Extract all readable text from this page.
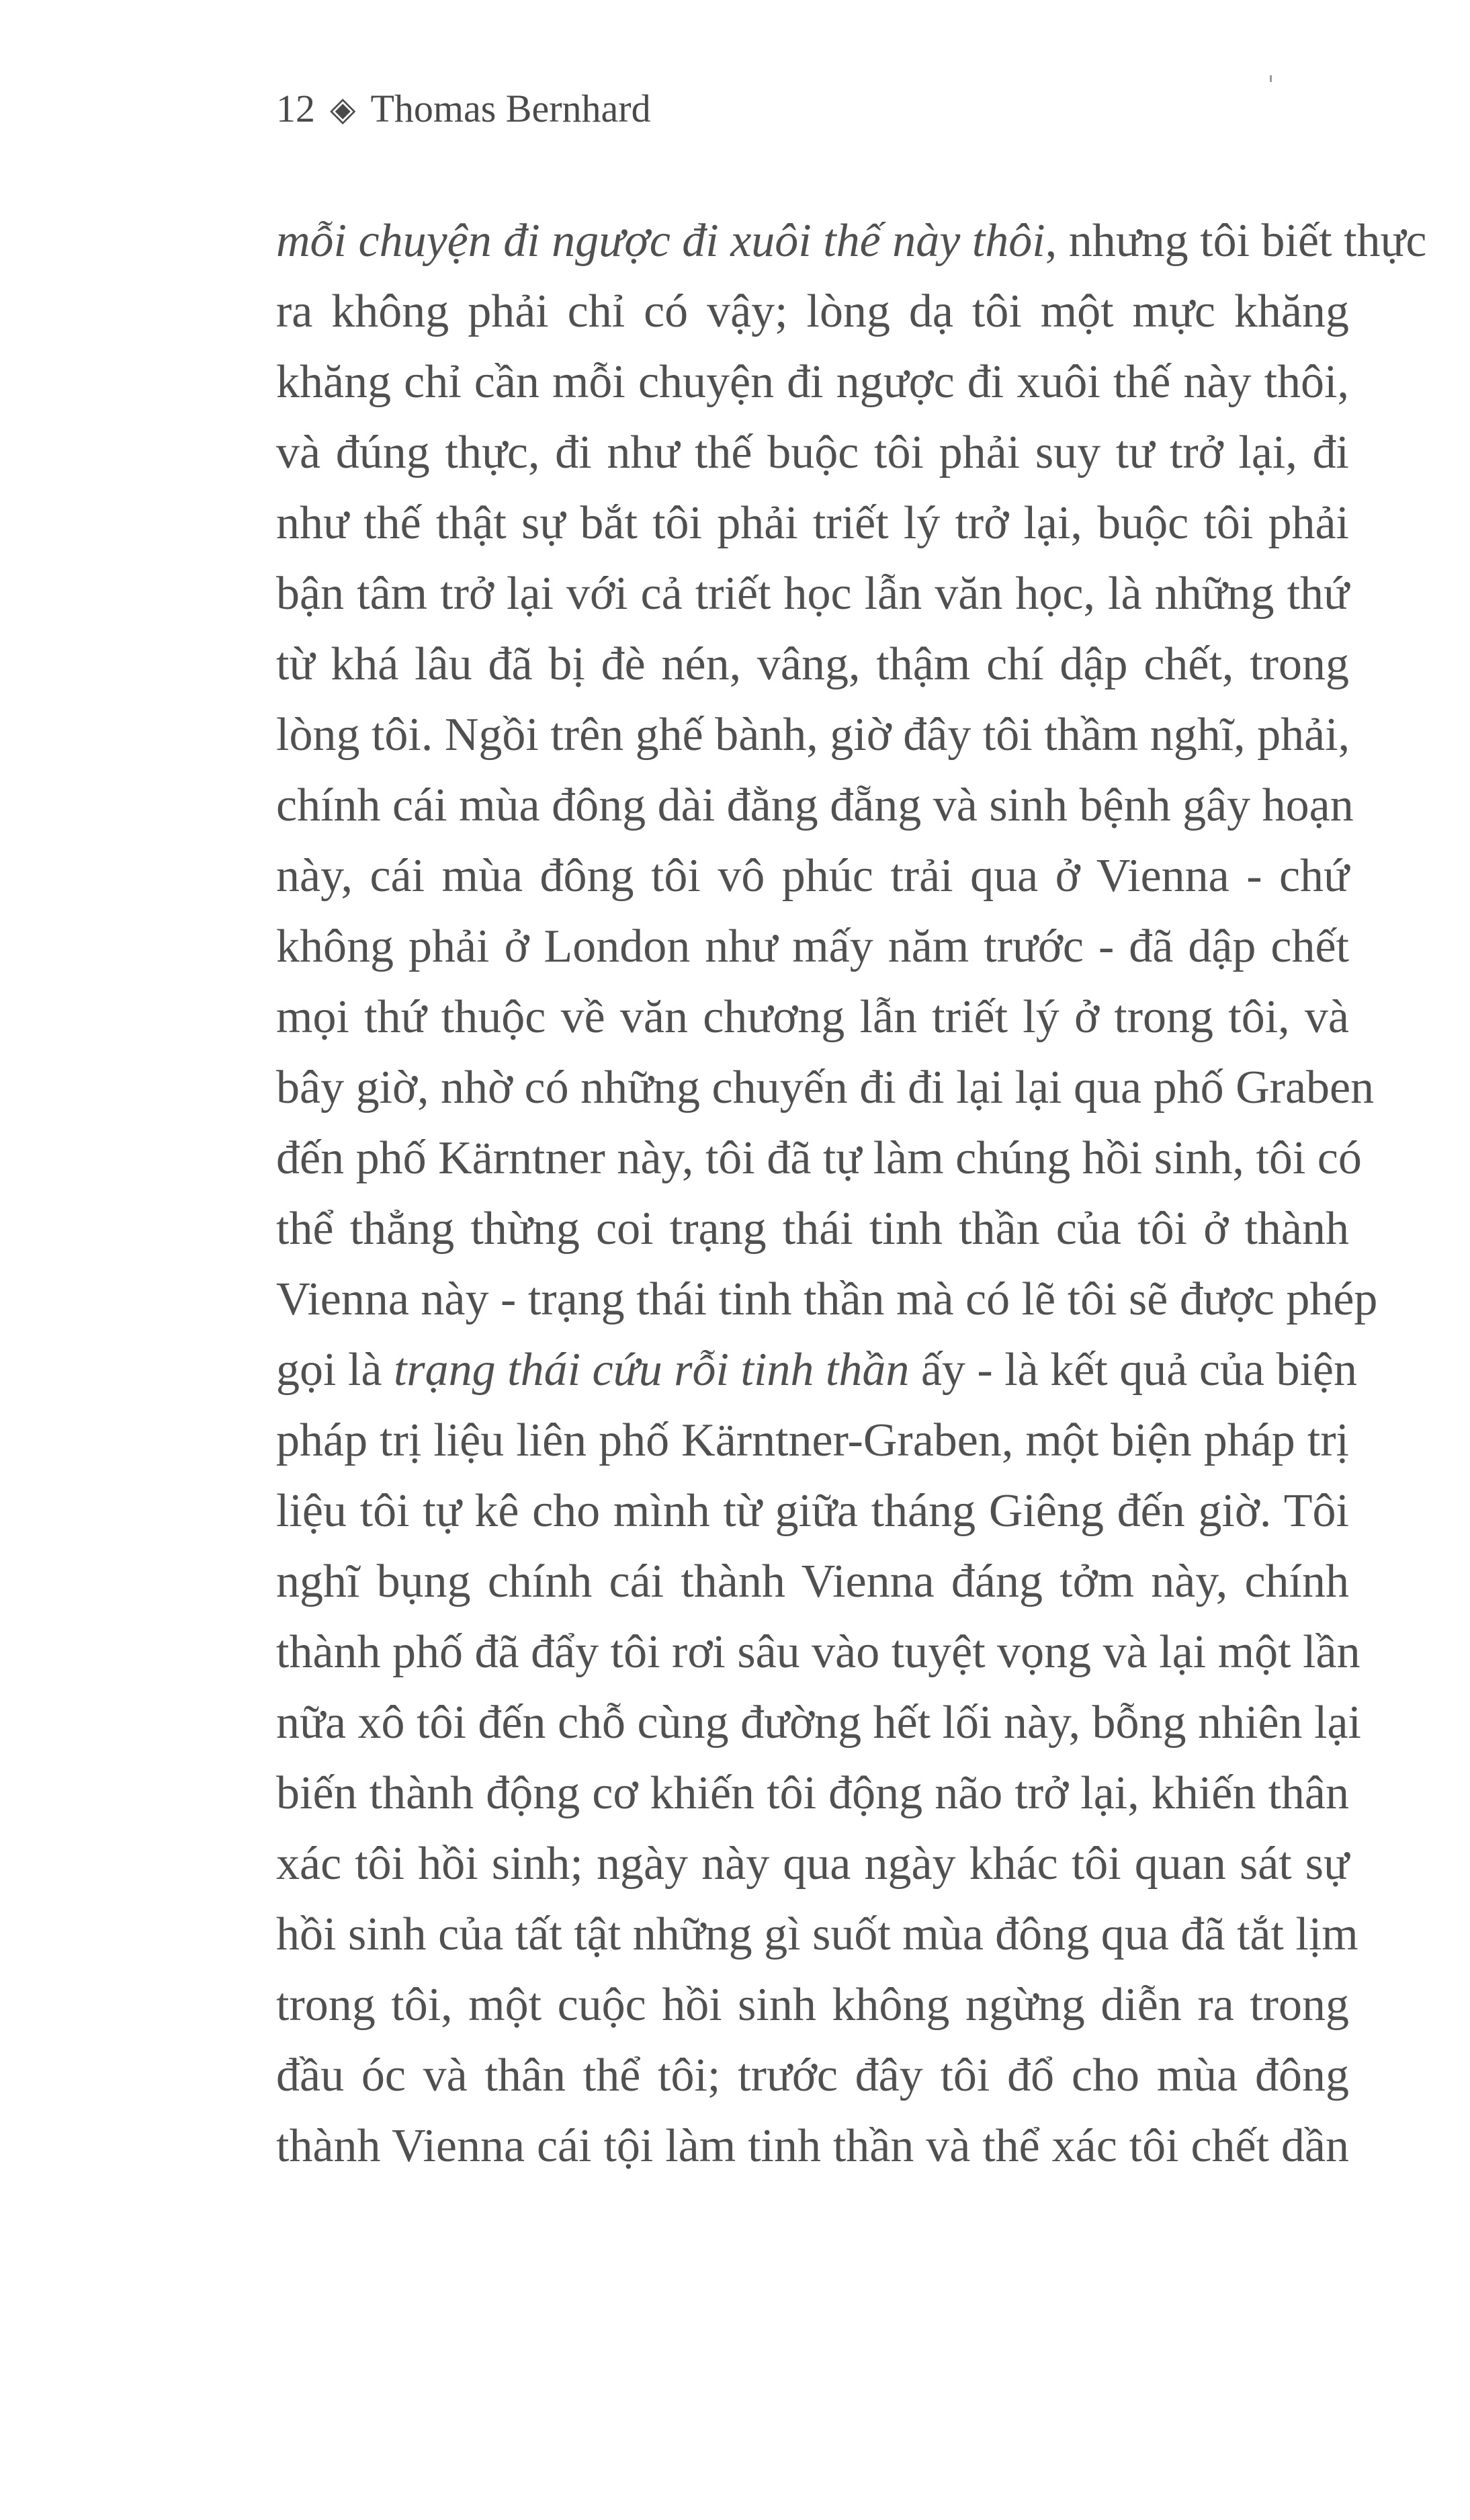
12 ◈ Thomas Bernhard
mỗi chuyện đi ngược đi xuôi thế này thôi, nhưng tôi biết thực
ra không phải chỉ có vậy; lòng dạ tôi một mực khăng
khăng chỉ cần mỗi chuyện đi ngược đi xuôi thế này thôi,
và đúng thực, đi như thế buộc tôi phải suy tư trở lại, đi
như thế thật sự bắt tôi phải triết lý trở lại, buộc tôi phải
bận tâm trở lại với cả triết học lẫn văn học, là những thứ
từ khá lâu đã bị đè nén, vâng, thậm chí dập chết, trong
lòng tôi. Ngồi trên ghế bành, giờ đây tôi thầm nghĩ, phải,
chính cái mùa đông dài đằng đẵng và sinh bệnh gây hoạn
này, cái mùa đông tôi vô phúc trải qua ở Vienna - chứ
không phải ở London như mấy năm trước - đã dập chết
mọi thứ thuộc về văn chương lẫn triết lý ở trong tôi, và
bây giờ, nhờ có những chuyến đi đi lại lại qua phố Graben
đến phố Kärntner này, tôi đã tự làm chúng hồi sinh, tôi có
thể thẳng thừng coi trạng thái tinh thần của tôi ở thành
Vienna này - trạng thái tinh thần mà có lẽ tôi sẽ được phép
gọi là trạng thái cứu rỗi tinh thần ấy - là kết quả của biện
pháp trị liệu liên phố Kärntner-Graben, một biện pháp trị
liệu tôi tự kê cho mình từ giữa tháng Giêng đến giờ. Tôi
nghĩ bụng chính cái thành Vienna đáng tởm này, chính
thành phố đã đẩy tôi rơi sâu vào tuyệt vọng và lại một lần
nữa xô tôi đến chỗ cùng đường hết lối này, bỗng nhiên lại
biến thành động cơ khiến tôi động não trở lại, khiến thân
xác tôi hồi sinh; ngày này qua ngày khác tôi quan sát sự
hồi sinh của tất tật những gì suốt mùa đông qua đã tắt lịm
trong tôi, một cuộc hồi sinh không ngừng diễn ra trong
đầu óc và thân thể tôi; trước đây tôi đổ cho mùa đông
thành Vienna cái tội làm tinh thần và thể xác tôi chết dần
